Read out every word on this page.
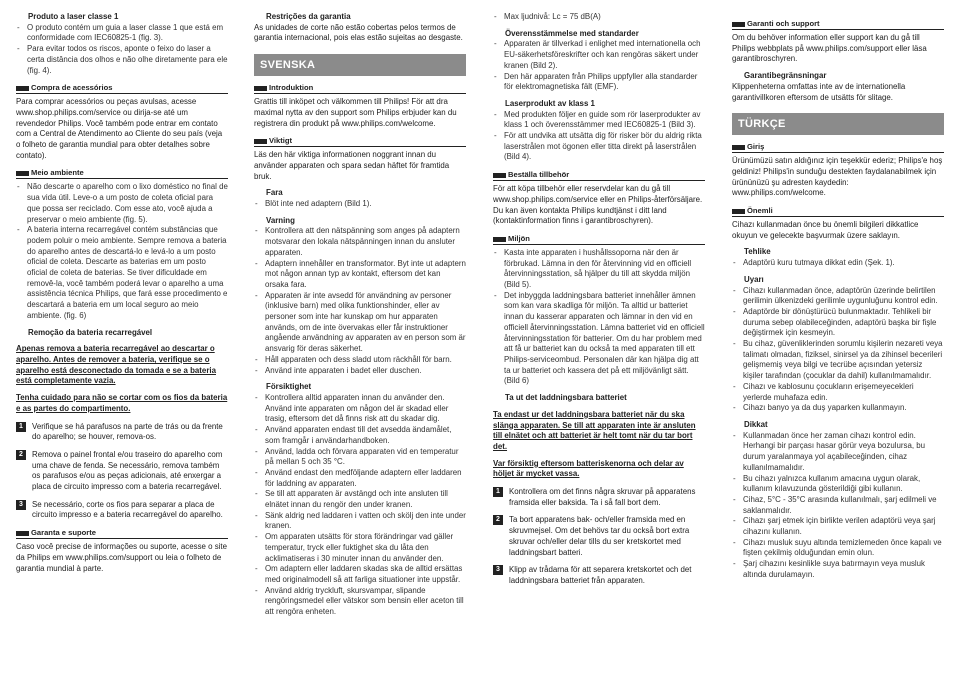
Produto a laser classe 1
- O produto contém um guia a laser classe 1 que está em conformidade com IEC60825-1 (fig. 3).
- Para evitar todos os riscos, aponte o feixo do laser a certa distância dos olhos e não olhe diretamente para ele (fig. 4).
Compra de acessórios

Para comprar acessórios ou peças avulsas, acesse www.shop.philips.com/service ou dirija-se até um revendedor Philips. Você também pode entrar em contato com a Central de Atendimento ao Cliente do seu país (veja o folheto de garantia mundial para obter detalhes sobre contato).

Meio ambiente
- Não descarte o aparelho com o lixo doméstico no final de sua vida útil. Leve-o a um posto de coleta oficial para que possa ser reciclado. Com esse ato, você ajuda a preservar o meio ambiente (fig. 5).
- A bateria interna recarregável contém substâncias que podem poluir o meio ambiente. Sempre remova a bateria do aparelho antes de descartá-lo e levá-lo a um posto oficial de coleta. Descarte as baterias em um posto oficial de coleta de baterias. Se tiver dificuldade em removê-la, você também poderá levar o aparelho a uma assistência técnica Philips, que fará esse procedimento e descartará a bateria em um local seguro ao meio ambiente. (fig. 6)
Remoção da bateria recarregável
Apenas remova a bateria recarregável ao descartar o aparelho. Antes de remover a bateria, verifique se o aparelho está desconectado da tomada e se a bateria está completamente vazia.
Tenha cuidado para não se cortar com os fios da bateria e as partes do compartimento.
1	Verifique se há parafusos na parte de trás ou da frente do aparelho; se houver, remova-os.
2	Remova o painel frontal e/ou traseiro do aparelho com uma chave de fenda. Se necessário, remova também os parafusos e/ou as peças adicionais, até enxergar a placa de circuito impresso com a bateria recarregável.
3	Se necessário, corte os fios para separar a placa de circuito impresso e a bateria recarregável do aparelho.
Garanta e suporte

Caso você precise de informações ou suporte, acesse o site da Philips em www.philips.com/support ou leia o folheto de garantia mundial à parte.

Restrições da garantia

As unidades de corte não estão cobertas pelos termos de garantia internacional, pois elas estão sujeitas ao desgaste.

SVENSKA
Introduktion

Grattis till inköpet och välkommen till Philips! För att dra maximal nytta av den support som Philips erbjuder kan du registrera din produkt på www.philips.com/welcome.

Viktigt

Läs den här viktiga informationen noggrant innan du använder apparaten och spara sedan häftet för framtida bruk.

Fara
- Blöt inte ned adaptern (Bild 1).
Varning
- Kontrollera att den nätspänning som anges på adaptern motsvarar den lokala nätspänningen innan du ansluter apparaten.
- Adaptern innehåller en transformator. Byt inte ut adaptern mot någon annan typ av kontakt, eftersom det kan orsaka fara.
- Apparaten är inte avsedd för användning av personer (inklusive barn) med olika funktionshinder, eller av personer som inte har kunskap om hur apparaten används, om de inte övervakas eller får instruktioner angående användning av apparaten av en person som är ansvarig för deras säkerhet.
- Håll apparaten och dess sladd utom räckhåll för barn.
- Använd inte apparaten i badet eller duschen.
Försiktighet
- Kontrollera alltid apparaten innan du använder den. Använd inte apparaten om någon del är skadad eller trasig, eftersom det då finns risk att du skadar dig.
- Använd apparaten endast till det avsedda ändamålet, som framgår i användarhandboken.
- Använd, ladda och förvara apparaten vid en temperatur på mellan 5 och 35 °C.
- Använd endast den medföljande adaptern eller laddaren för laddning av apparaten.
- Se till att apparaten är avstängd och inte ansluten till elnätet innan du rengör den under kranen.
- Sänk aldrig ned laddaren i vatten och skölj den inte under kranen.
- Om apparaten utsätts för stora förändringar vad gäller temperatur, tryck eller fuktighet ska du låta den acklimatiseras i 30 minuter innan du använder den.
- Om adaptern eller laddaren skadas ska de alltid ersättas med originalmodell så att farliga situationer inte uppstår.
- Använd aldrig tryckluft, skursvampar, slipande rengöringsmedel eller vätskor som bensin eller aceton till att rengöra enheten.
- Max ljudnivå: Lc = 75 dB(A)
Överensstämmelse med standarder
- Apparaten är tillverkad i enlighet med internationella och EU-säkerhetsföreskrifter och kan rengöras säkert under kranen (Bild 2).
- Den här apparaten från Philips uppfyller alla standarder för elektromagnetiska fält (EMF).
Laserprodukt av klass 1
- Med produkten följer en guide som rör laserprodukter av klass 1 och överensstämmer med IEC60825-1 (Bild 3).
- För att undvika att utsätta dig för risker bör du aldrig rikta laserstrålen mot ögonen eller titta direkt på laserstrålen (Bild 4).
Beställa tillbehör

För att köpa tillbehör eller reservdelar kan du gå till www.shop.philips.com/service eller en Philips-återförsäljare. Du kan även kontakta Philips kundtjänst i ditt land (kontaktinformation finns i garantibroschyren).

Miljön
- Kasta inte apparaten i hushållssoporna när den är förbrukad. Lämna in den för återvinning vid en officiell återvinningsstation, så hjälper du till att skydda miljön (Bild 5).
- Det inbyggda laddningsbara batteriet innehåller ämnen som kan vara skadliga för miljön. Ta alltid ur batteriet innan du kasserar apparaten och lämnar in den vid en officiell återvinningsstation. Lämna batteriet vid en officiell återvinningsstation för batterier. Om du har problem med att få ur batteriet kan du också ta med apparaten till ett Philips-serviceombud. Personalen där kan hjälpa dig att ta ur batteriet och kassera det på ett miljövänligt sätt. (Bild 6)
Ta ut det laddningsbara batteriet
Ta endast ur det laddningsbara batteriet när du ska slänga apparaten. Se till att apparaten inte är ansluten till elnätet och att batteriet är helt tomt när du tar bort det.
Var försiktig eftersom batteriskenorna och delar av höljet är mycket vassa.
1	Kontrollera om det finns några skruvar på apparatens framsida eller baksida. Ta i så fall bort dem.
2	Ta bort apparatens bak- och/eller framsida med en skruvmejsel. Om det behövs tar du också bort extra skruvar och/eller delar tills du ser kretskortet med laddningsbart batteri.
3	Klipp av trådarna för att separera kretskortet och det laddningsbara batteriet från apparaten.
Garanti och support

Om du behöver information eller support kan du gå till Philips webbplats på www.philips.com/support eller läsa garantibroschyren.

Garantibegränsningar

Klippenheterna omfattas inte av de internationella garantivillkoren eftersom de utsätts för slitage.

TÜRKÇE
Giriş

Ürünümüzü satın aldığınız için teşekkür ederiz; Philips'e hoş geldiniz! Philips'in sunduğu destekten faydalanabilmek için ürününüzü şu adresten kaydedin: www.philips.com/welcome.

Önemli

Cihazı kullanmadan önce bu önemli bilgileri dikkatlice okuyun ve gelecekte başvurmak üzere saklayın.

Tehlike
- Adaptörü kuru tutmaya dikkat edin (Şek. 1).
Uyarı
- Cihazı kullanmadan önce, adaptörün üzerinde belirtilen gerilimin ülkenizdeki gerilimle uygunluğunu kontrol edin.
- Adaptörde bir dönüştürücü bulunmaktadır. Tehlikeli bir duruma sebep olabileceğinden, adaptörü başka bir fişle değiştirmek için kesmeyin.
- Bu cihaz, güvenliklerinden sorumlu kişilerin nezareti veya talimatı olmadan, fiziksel, sinirsel ya da zihinsel becerileri gelişmemiş veya bilgi ve tecrübe açısından yetersiz kişiler tarafından (çocuklar da dahil) kullanılmamalıdır.
- Cihazı ve kablosunu çocukların erişemeyecekleri yerlerde muhafaza edin.
- Cihazı banyo ya da duş yaparken kullanmayın.
Dikkat
- Kullanmadan önce her zaman cihazı kontrol edin. Herhangi bir parçası hasar görür veya bozulursa, bu durum yaralanmaya yol açabileceğinden, cihaz kullanılmamalıdır.
- Bu cihazı yalnızca kullanım amacına uygun olarak, kullanım kılavuzunda gösterildiği gibi kullanın.
- Cihaz, 5°C - 35°C arasında kullanılmalı, şarj edilmeli ve saklanmalıdır.
- Cihazı şarj etmek için birlikte verilen adaptörü veya şarj cihazını kullanın.
- Cihazı musluk suyu altında temizlemeden önce kapalı ve fişten çekilmiş olduğundan emin olun.
- Şarj cihazını kesinlikle suya batırmayın veya musluk altında durulamayın.
